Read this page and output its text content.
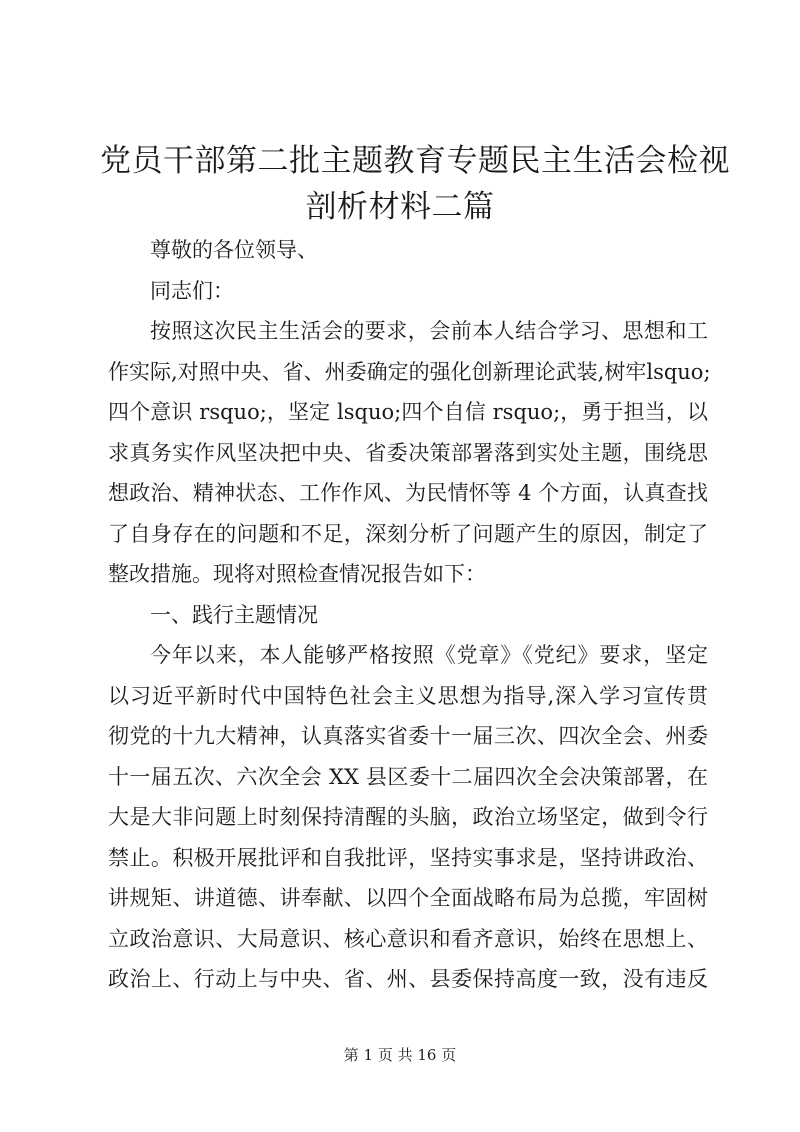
党员干部第二批主题教育专题民主生活会检视
剖析材料二篇
尊敬的各位领导、
同志们：
按照这次民主生活会的要求，会前本人结合学习、思想和工
作实际,对照中央、省、州委确定的强化创新理论武装,树牢lsquo;
四个意识 rsquo;，坚定 lsquo;四个自信 rsquo;，勇于担当，以
求真务实作风坚决把中央、省委决策部署落到实处主题，围绕思
想政治、精神状态、工作作风、为民情怀等 4 个方面，认真查找
了自身存在的问题和不足，深刻分析了问题产生的原因，制定了
整改措施。现将对照检查情况报告如下：
一、践行主题情况
今年以来，本人能够严格按照《党章》《党纪》要求，坚定
以习近平新时代中国特色社会主义思想为指导,深入学习宣传贯
彻党的十九大精神，认真落实省委十一届三次、四次全会、州委
十一届五次、六次全会 XX 县区委十二届四次全会决策部署，在
大是大非问题上时刻保持清醒的头脑，政治立场坚定，做到令行
禁止。积极开展批评和自我批评，坚持实事求是，坚持讲政治、
讲规矩、讲道德、讲奉献、以四个全面战略布局为总揽，牢固树
立政治意识、大局意识、核心意识和看齐意识，始终在思想上、
政治上、行动上与中央、省、州、县委保持高度一致，没有违反
第 1 页 共 16 页
